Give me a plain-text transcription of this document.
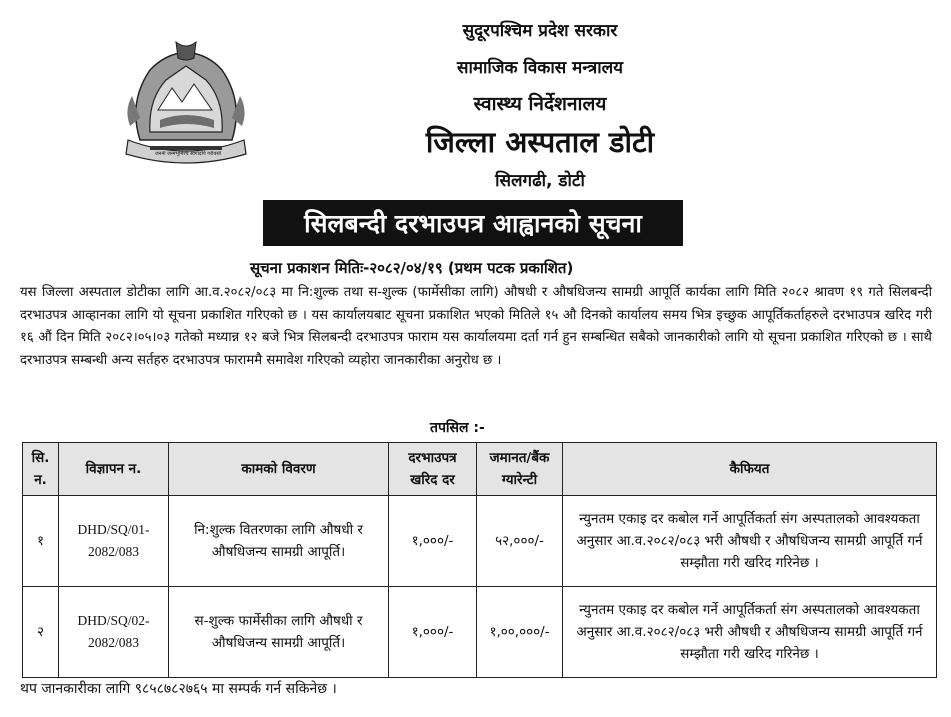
जननी जन्मभूमिश्च स्वर्गादपि गरीयसी
सुदूरपश्चिम प्रदेश सरकार
सामाजिक विकास मन्त्रालय
स्वास्थ्य निर्देशनालय
जिल्ला अस्पताल डोटी
सिलगढी, डोटी
सिलबन्दी दरभाउपत्र आह्वानको सूचना
सूचना प्रकाशन मितिः-२०८२/०४/१९ (प्रथम पटक प्रकाशित)
यस जिल्ला अस्पताल डोटीका लागि आ.व.२०८२/०८३ मा नि:शुल्क तथा स-शुल्क (फार्मेसीका लागि) औषधी र औषधिजन्य सामग्री आपूर्ति कार्यका लागि मिति २०८२ श्रावण १९ गते सिलबन्दी दरभाउपत्र आव्हानका लागि यो सूचना प्रकाशित गरिएको छ । यस कार्यालयबाट सूचना प्रकाशित भएको मितिले १५ औ दिनको कार्यालय समय भित्र इच्छुक आपूर्तिकर्ताहरुले दरभाउपत्र खरिद गरी १६ औं दिन मिति २०८२।०५।०३ गतेको मध्यान्न १२ बजे भित्र सिलबन्दी दरभाउपत्र फाराम यस कार्यालयमा दर्ता गर्न हुन सम्बन्धित सबैको जानकारीको लागि यो सूचना प्रकाशित गरिएको छ । साथै दरभाउपत्र सम्बन्धी अन्य सर्तहरु दरभाउपत्र फाराममै समावेश गरिएको व्यहोरा जानकारीका अनुरोध छ ।
तपसिल :-
सि. न.	विज्ञापन न.	कामको विवरण	दरभाउपत्र खरिद दर	जमानत/बैंक ग्यारेन्टी	कैफियत
१	DHD/SQ/01-2082/083	नि:शुल्क वितरणका लागि औषधी र औषधिजन्य सामग्री आपूर्ति।	१,०००/-	५२,०००/-	न्युनतम एकाइ दर कबोल गर्ने आपूर्तिकर्ता संग अस्पतालको आवश्यकता अनुसार आ.व.२०८२/०८३ भरी औषधी र औषधिजन्य सामग्री आपूर्ति गर्न सम्झौता गरी खरिद गरिनेछ ।
२	DHD/SQ/02-2082/083	स-शुल्क फार्मेसीका लागि औषधी र औषधिजन्य सामग्री आपूर्ति।	१,०००/-	१,००,०००/-	न्युनतम एकाइ दर कबोल गर्ने आपूर्तिकर्ता संग अस्पतालको आवश्यकता अनुसार आ.व.२०८२/०८३ भरी औषधी र औषधिजन्य सामग्री आपूर्ति गर्न सम्झौता गरी खरिद गरिनेछ ।
थप जानकारीका लागि ९८५८७८२७६५ मा सम्पर्क गर्न सकिनेछ ।
